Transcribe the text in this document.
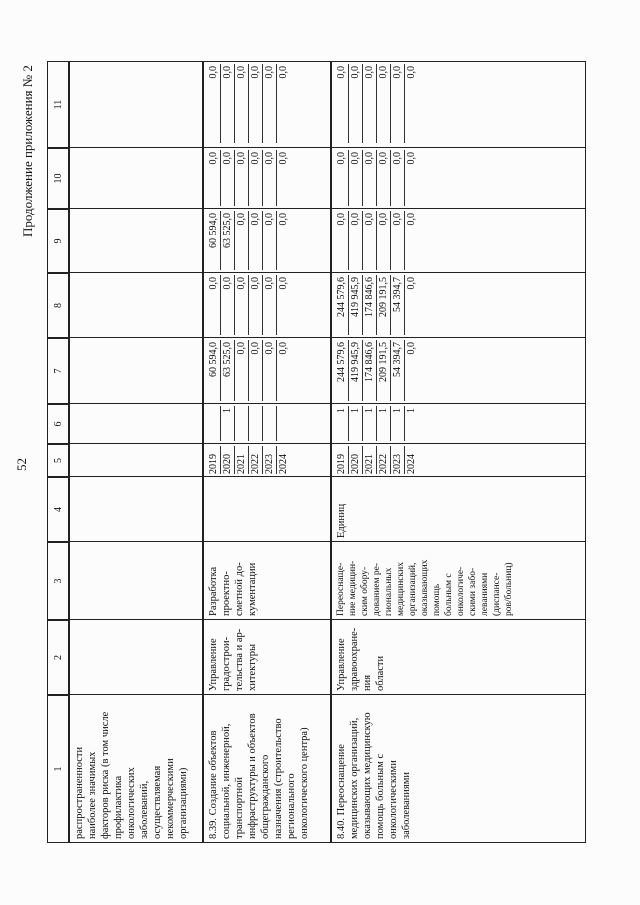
52
Продолжение приложения № 2
1
2
3
4
5
6
7
8
9
10
11
распространенности
наиболее значимых
факторов риска (в том числе
профилактика
онкологических
заболеваний,
осуществляемая
некоммерческими
организациями)	8.39. Создание объектов
социальной, инженерной,
транспортной
инфраструктуры и объектов
общегражданского
назначения (строительство
регионального
онкологического центра)
Управление
градострои-
тельства и ар-
хитектуры
Разработка
проектно-
сметной до-
кументации
2019 2020 2021 2022 2023 2024
1
60 594,0 63 525,0 0,0 0,0 0,0 0,0
0,0 0,0 0,0 0,0 0,0 0,0
60 594,0 63 525,0 0,0 0,0 0,0 0,0
0,0 0,0 0,0 0,0 0,0 0,0
0,0 0,0 0,0 0,0 0,0 0,0
8.40. Переоснащение
медицинских организаций,
оказывающих медицинскую
помощь больным с
онкологическими
заболеваниями
Управление
здравоохране-
ния
области
Переоснаще-
ние медицин-
ским обору-
дованием ре-
гиональных
медицинских
организаций,
оказывающих
помощь
больным с
онкологиче-
скими забо-
леваниями
(диспансе-
ров/больниц)
Единиц
2019 2020 2021 2022 2023 2024
1 1 1 1 1 1
244 579,6 419 945,9 174 846,6 209 191,5 54 394,7 0,0
244 579,6 419 945,9 174 846,6 209 191,5 54 394,7 0,0
0,0 0,0 0,0 0,0 0,0 0,0
0,0 0,0 0,0 0,0 0,0 0,0
0,0 0,0 0,0 0,0 0,0 0,0
